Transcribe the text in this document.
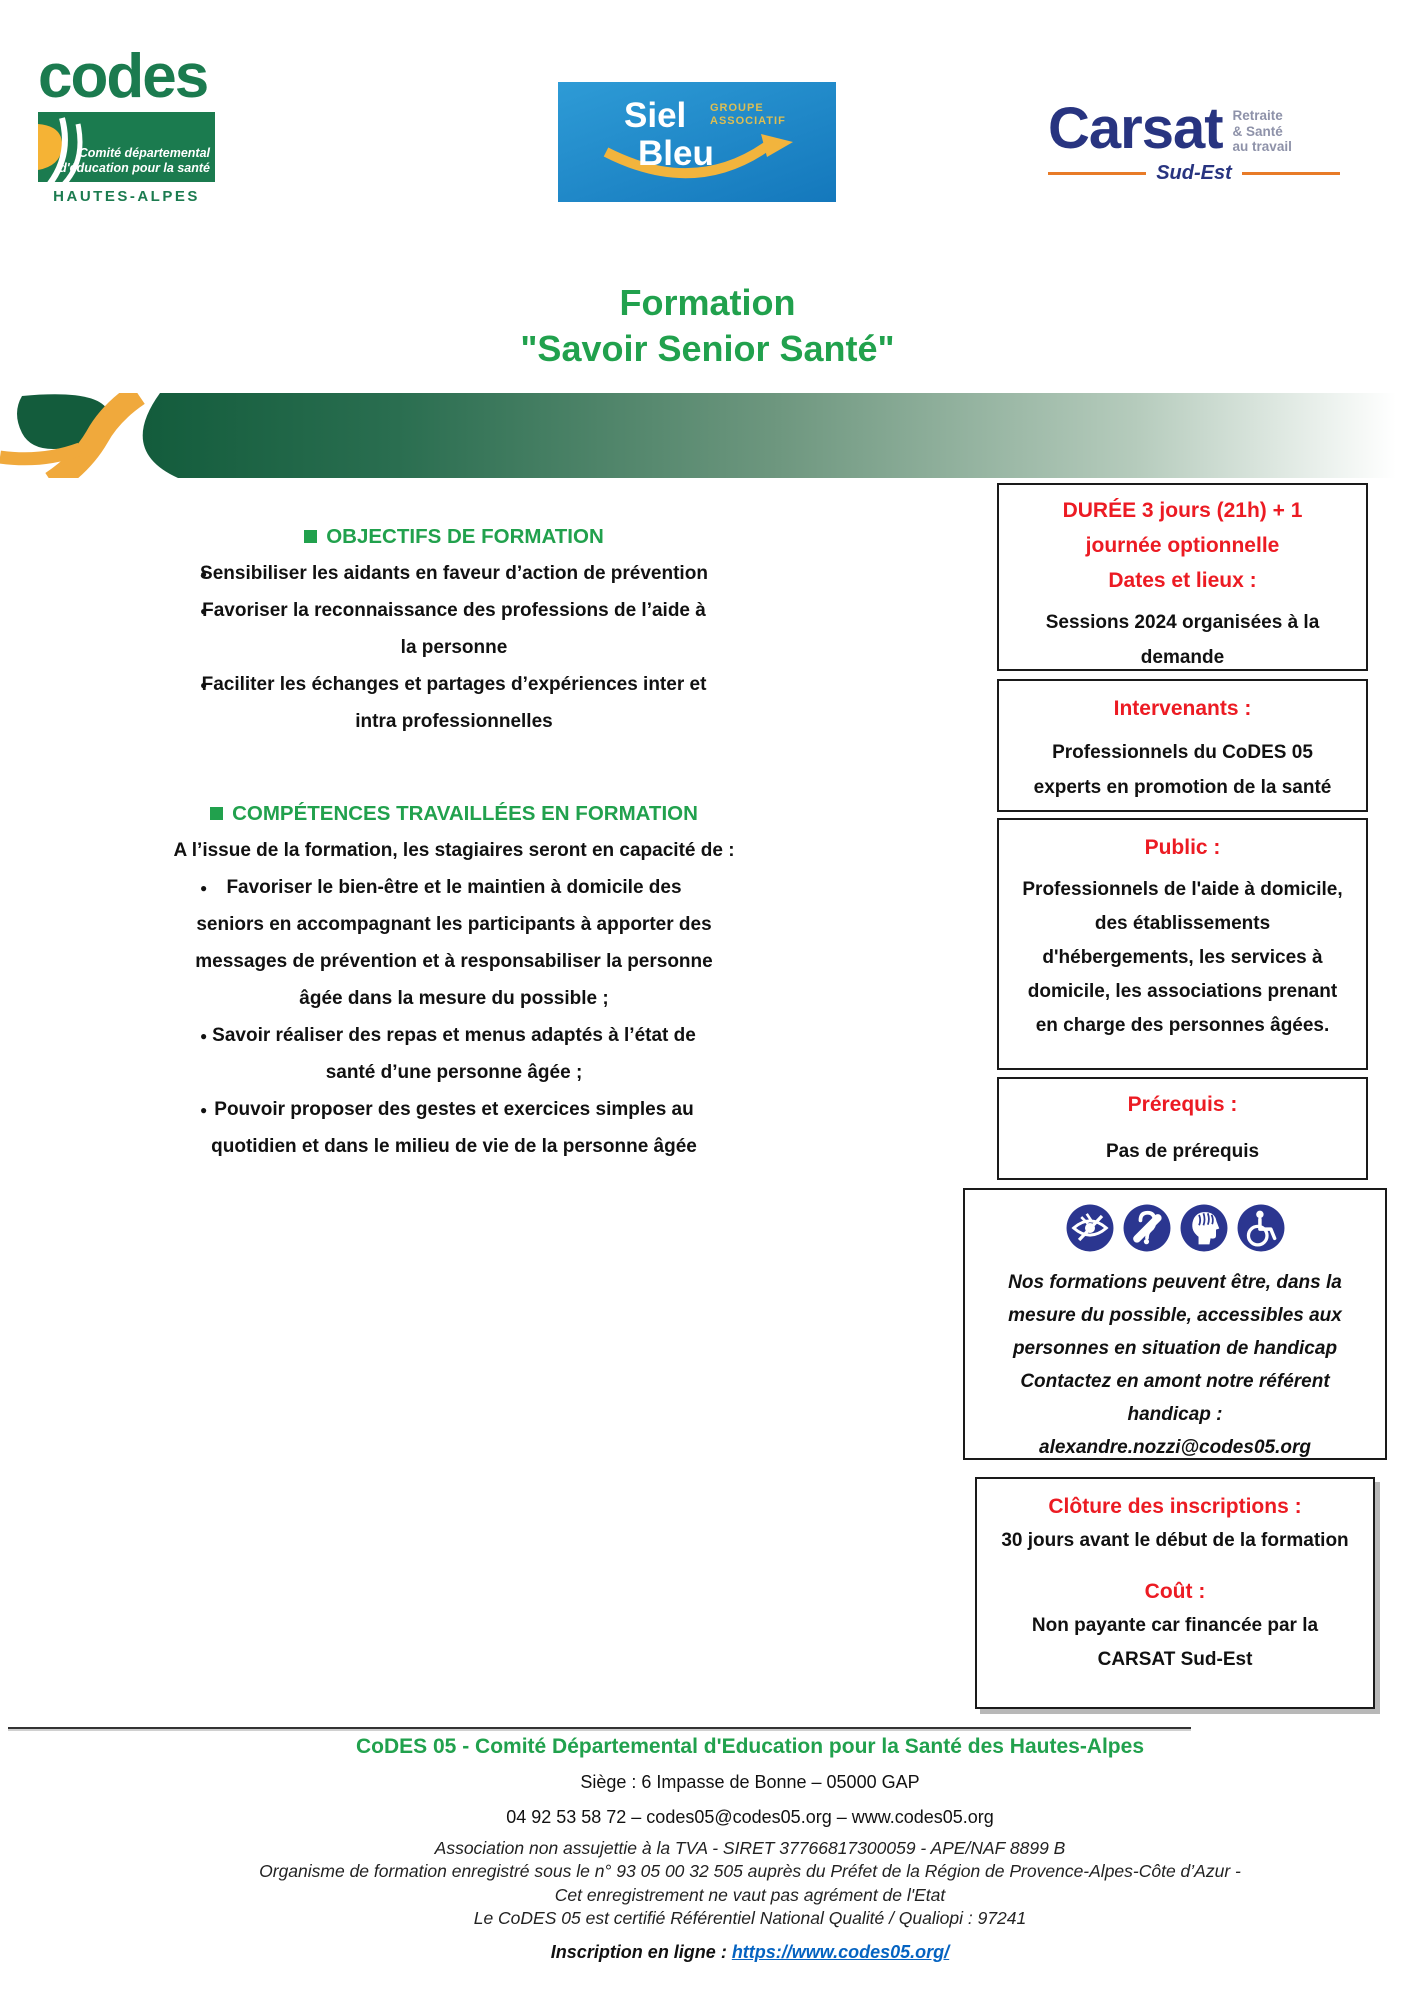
codes
Comité départemental
d'éducation pour la santé
HAUTES-ALPES
Siel GROUPE
ASSOCIATIF
Bleu	Carsat Retraite
& Santé
au travail
Sud-Est
Formation
"Savoir Senior Santé"
OBJECTIFS DE FORMATION
● Sensibiliser les aidants en faveur d’action de prévention
● Favoriser la reconnaissance des professions de l’aide à la personne
● Faciliter les échanges et partages d’expériences inter et intra professionnelles
COMPÉTENCES TRAVAILLÉES EN FORMATION
A l’issue de la formation, les stagiaires seront en capacité de :
● Favoriser le bien-être et le maintien à domicile des seniors en accompagnant les participants à apporter des messages de prévention et à responsabiliser la personne âgée dans la mesure du possible ;
● Savoir réaliser des repas et menus adaptés à l’état de santé d’une personne âgée ;
● Pouvoir proposer des gestes et exercices simples au quotidien et dans le milieu de vie de la personne âgée
DURÉE 3 jours (21h) + 1
journée optionnelle
Dates et lieux :
Sessions 2024 organisées à la demande
Intervenants :
Professionnels du CoDES 05 experts en promotion de la santé
Public :
Professionnels de l'aide à domicile, des établissements d'hébergements, les services à domicile, les associations prenant en charge des personnes âgées.
Prérequis :
Pas de prérequis
Nos formations peuvent être, dans la mesure du possible, accessibles aux personnes en situation de handicap Contactez en amont notre référent handicap :
alexandre.nozzi@codes05.org
Clôture des inscriptions :
30 jours avant le début de la formation
Coût :
Non payante car financée par la CARSAT Sud-Est
CoDES 05 - Comité Départemental d'Education pour la Santé des Hautes-Alpes
Siège : 6 Impasse de Bonne – 05000 GAP
04 92 53 58 72 – codes05@codes05.org – www.codes05.org
Association non assujettie à la TVA - SIRET 37766817300059 - APE/NAF 8899 B
Organisme de formation enregistré sous le n° 93 05 00 32 505 auprès du Préfet de la Région de Provence-Alpes-Côte d’Azur -
Cet enregistrement ne vaut pas agrément de l'Etat
Le CoDES 05 est certifié Référentiel National Qualité / Qualiopi : 97241
Inscription en ligne : https://www.codes05.org/
